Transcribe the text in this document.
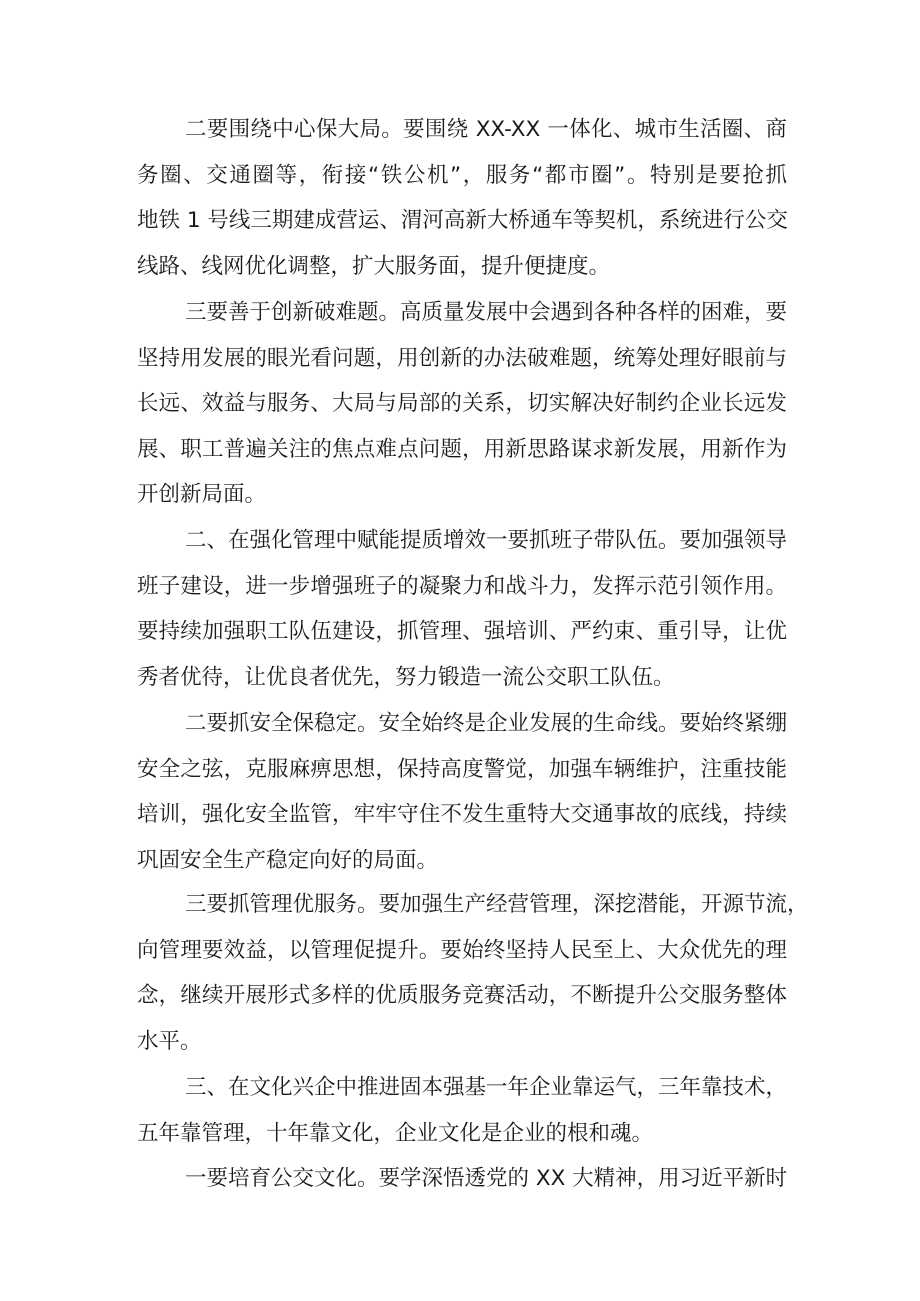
二要围绕中心保大局。要围绕 XX-XX 一体化、城市生活圈、商
务圈、交通圈等，衔接“铁公机”，服务“都市圈”。特别是要抢抓
地铁 1 号线三期建成营运、渭河高新大桥通车等契机，系统进行公交
线路、线网优化调整，扩大服务面，提升便捷度。
三要善于创新破难题。高质量发展中会遇到各种各样的困难，要
坚持用发展的眼光看问题，用创新的办法破难题，统筹处理好眼前与
长远、效益与服务、大局与局部的关系，切实解决好制约企业长远发
展、职工普遍关注的焦点难点问题，用新思路谋求新发展，用新作为
开创新局面。
二、在强化管理中赋能提质增效一要抓班子带队伍。要加强领导
班子建设，进一步增强班子的凝聚力和战斗力，发挥示范引领作用。
要持续加强职工队伍建设，抓管理、强培训、严约束、重引导，让优
秀者优待，让优良者优先，努力锻造一流公交职工队伍。
二要抓安全保稳定。安全始终是企业发展的生命线。要始终紧绷
安全之弦，克服麻痹思想，保持高度警觉，加强车辆维护，注重技能
培训，强化安全监管，牢牢守住不发生重特大交通事故的底线，持续
巩固安全生产稳定向好的局面。
三要抓管理优服务。要加强生产经营管理，深挖潜能，开源节流，
向管理要效益，以管理促提升。要始终坚持人民至上、大众优先的理
念，继续开展形式多样的优质服务竞赛活动，不断提升公交服务整体
水平。
三、在文化兴企中推进固本强基一年企业靠运气，三年靠技术，
五年靠管理，十年靠文化，企业文化是企业的根和魂。
一要培育公交文化。要学深悟透党的 XX 大精神，用习近平新时
